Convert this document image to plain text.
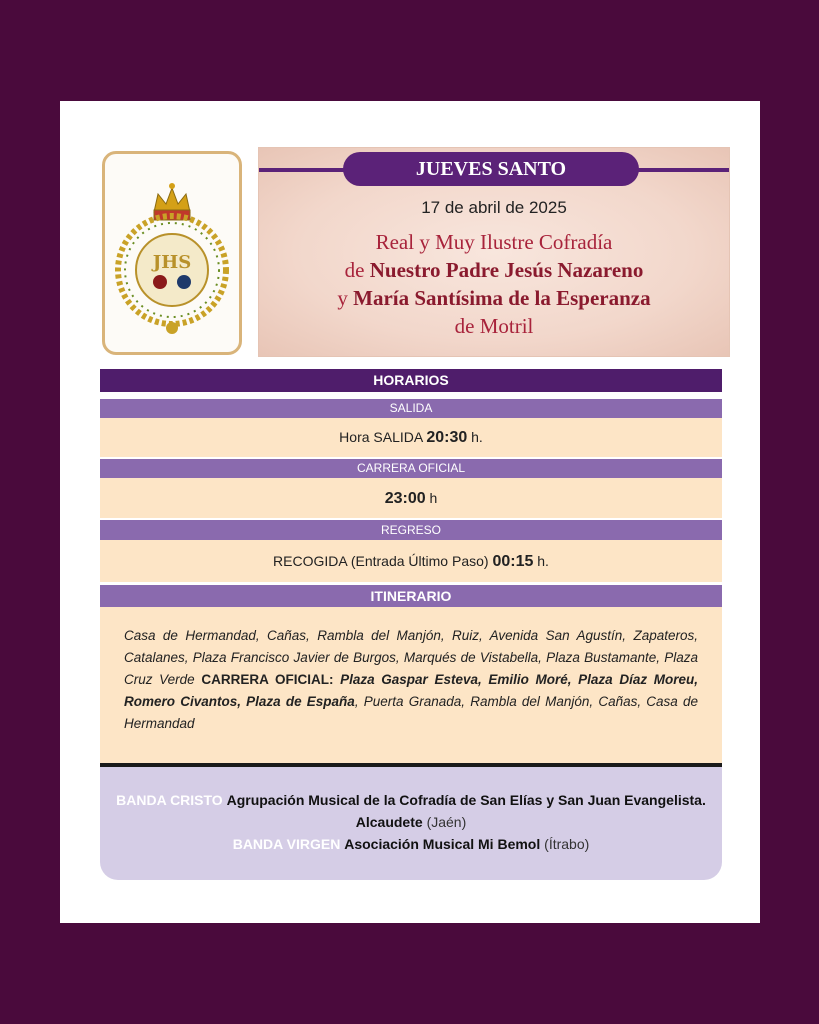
JHS
JUEVES SANTO
17 de abril de 2025
Real y Muy Ilustre Cofradía
de Nuestro Padre Jesús Nazareno
y María Santísima de la Esperanza
de Motril
HORARIOS
SALIDA
Hora SALIDA 20:30 h.
CARRERA OFICIAL
23:00 h
REGRESO
RECOGIDA (Entrada Último Paso) 00:15 h.
ITINERARIO
Casa de Hermandad, Cañas, Rambla del Manjón, Ruiz, Avenida San Agustín, Zapateros, Catalanes, Plaza Francisco Javier de Burgos, Marqués de Vistabella, Plaza Bustamante, Plaza Cruz Verde CARRERA OFICIAL: Plaza Gaspar Esteva, Emilio Moré, Plaza Díaz Moreu, Romero Civantos, Plaza de España, Puerta Granada, Rambla del Manjón, Cañas, Casa de Hermandad
BANDA CRISTO Agrupación Musical de la Cofradía de San Elías y San Juan Evangelista. Alcaudete (Jaén)
BANDA VIRGEN Asociación Musical Mi Bemol (Ítrabo)
